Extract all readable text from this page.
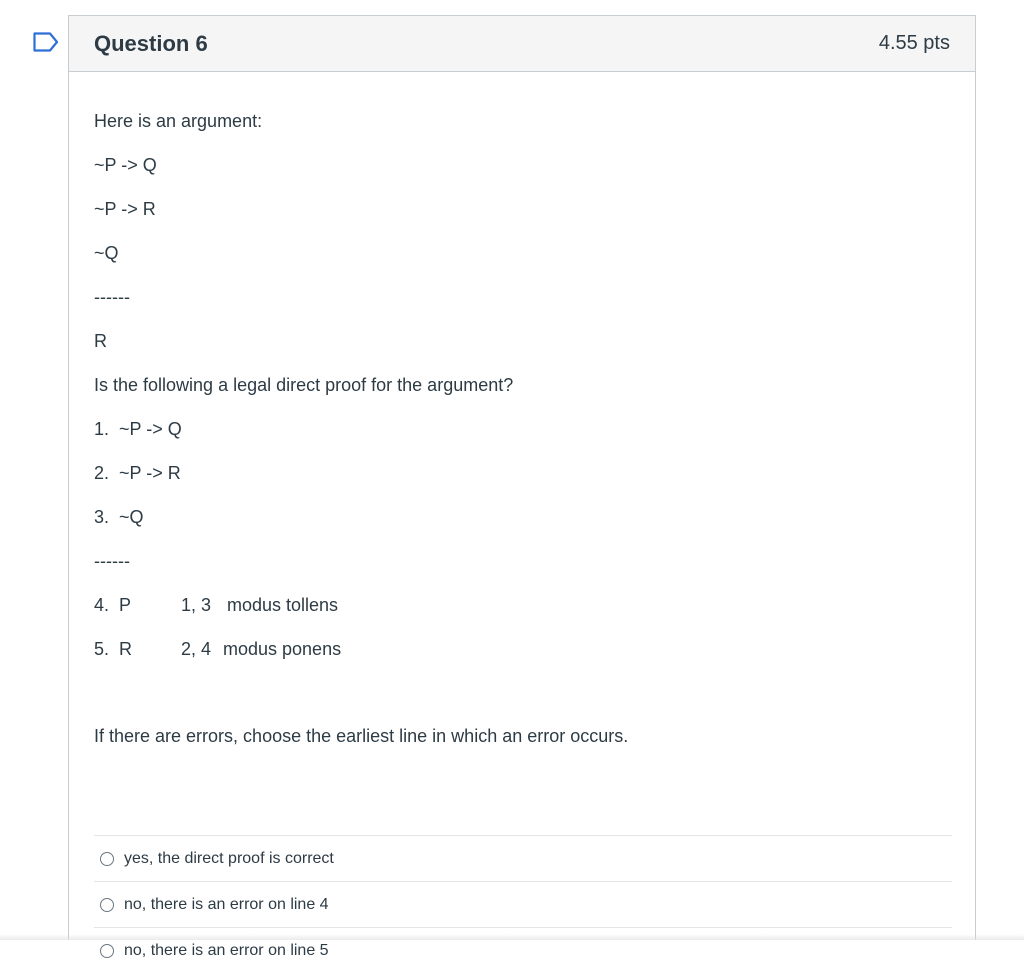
Question 6	4.55 pts
Here is an argument:
~P -> Q
~P -> R
~Q
------
R
Is the following a legal direct proof for the argument?
1. ~P -> Q
2. ~P -> R
3. ~Q
------
4. P	1, 3 modus tollens
5. R	2, 4 modus ponens
If there are errors, choose the earliest line in which an error occurs.
yes, the direct proof is correct
no, there is an error on line 4
no, there is an error on line 5
